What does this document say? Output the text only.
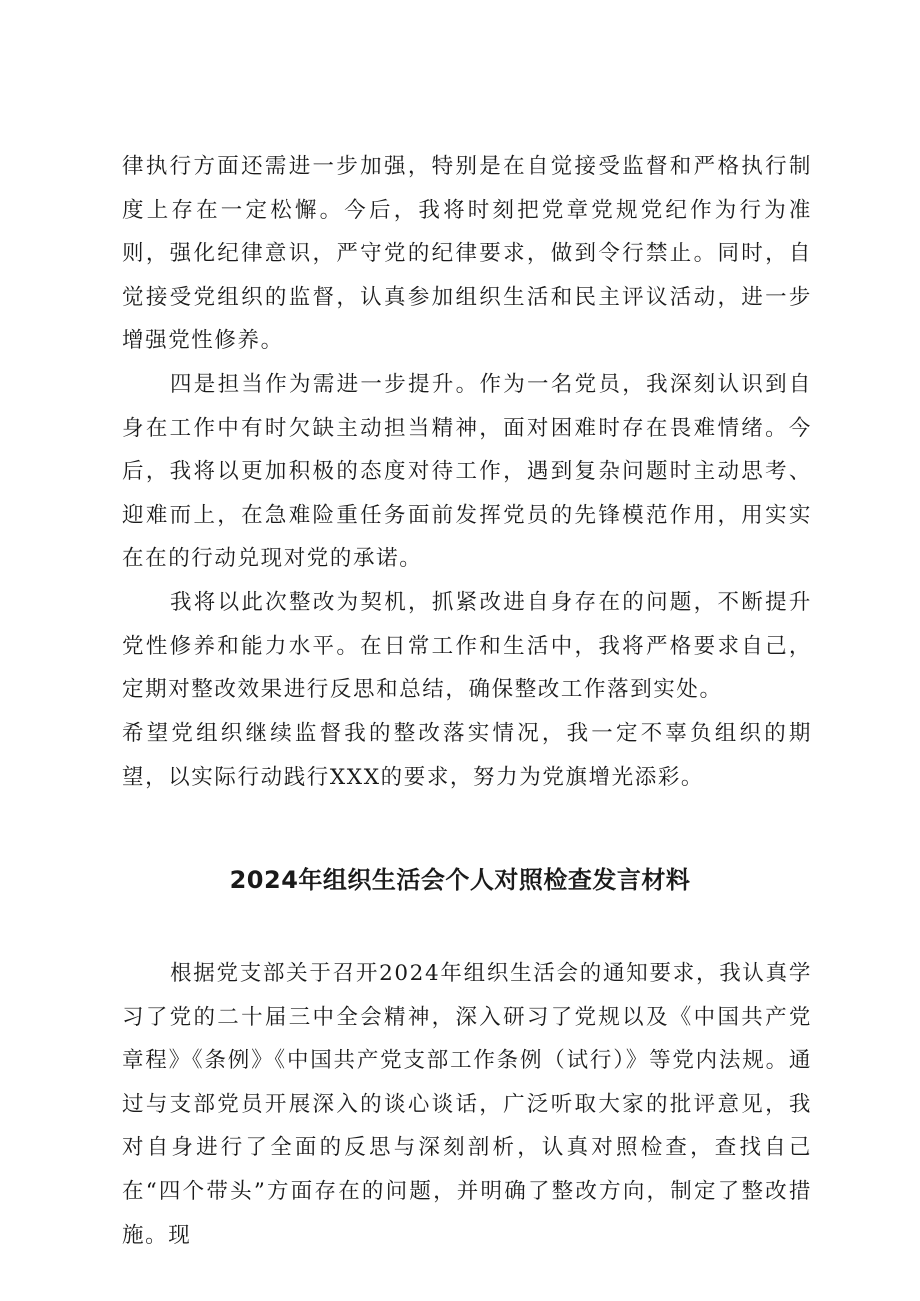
律执行方面还需进一步加强，特别是在自觉接受监督和严格执行制度上存在一定松懈。今后，我将时刻把党章党规党纪作为行为准则，强化纪律意识，严守党的纪律要求，做到令行禁止。同时，自觉接受党组织的监督，认真参加组织生活和民主评议活动，进一步增强党性修养。

四是担当作为需进一步提升。作为一名党员，我深刻认识到自身在工作中有时欠缺主动担当精神，面对困难时存在畏难情绪。今后，我将以更加积极的态度对待工作，遇到复杂问题时主动思考、迎难而上，在急难险重任务面前发挥党员的先锋模范作用，用实实在在的行动兑现对党的承诺。

我将以此次整改为契机，抓紧改进自身存在的问题，不断提升党性修养和能力水平。在日常工作和生活中，我将严格要求自己，定期对整改效果进行反思和总结，确保整改工作落到实处。

希望党组织继续监督我的整改落实情况，我一定不辜负组织的期望，以实际行动践行XXX的要求，努力为党旗增光添彩。

2024年组织生活会个人对照检查发言材料

根据党支部关于召开2024年组织生活会的通知要求，我认真学习了党的二十届三中全会精神，深入研习了党规以及《中国共产党章程》《条例》《中国共产党支部工作条例（试行）》等党内法规。通过与支部党员开展深入的谈心谈话，广泛听取大家的批评意见，我对自身进行了全面的反思与深刻剖析，认真对照检查，查找自己在“四个带头”方面存在的问题，并明确了整改方向，制定了整改措施。现
